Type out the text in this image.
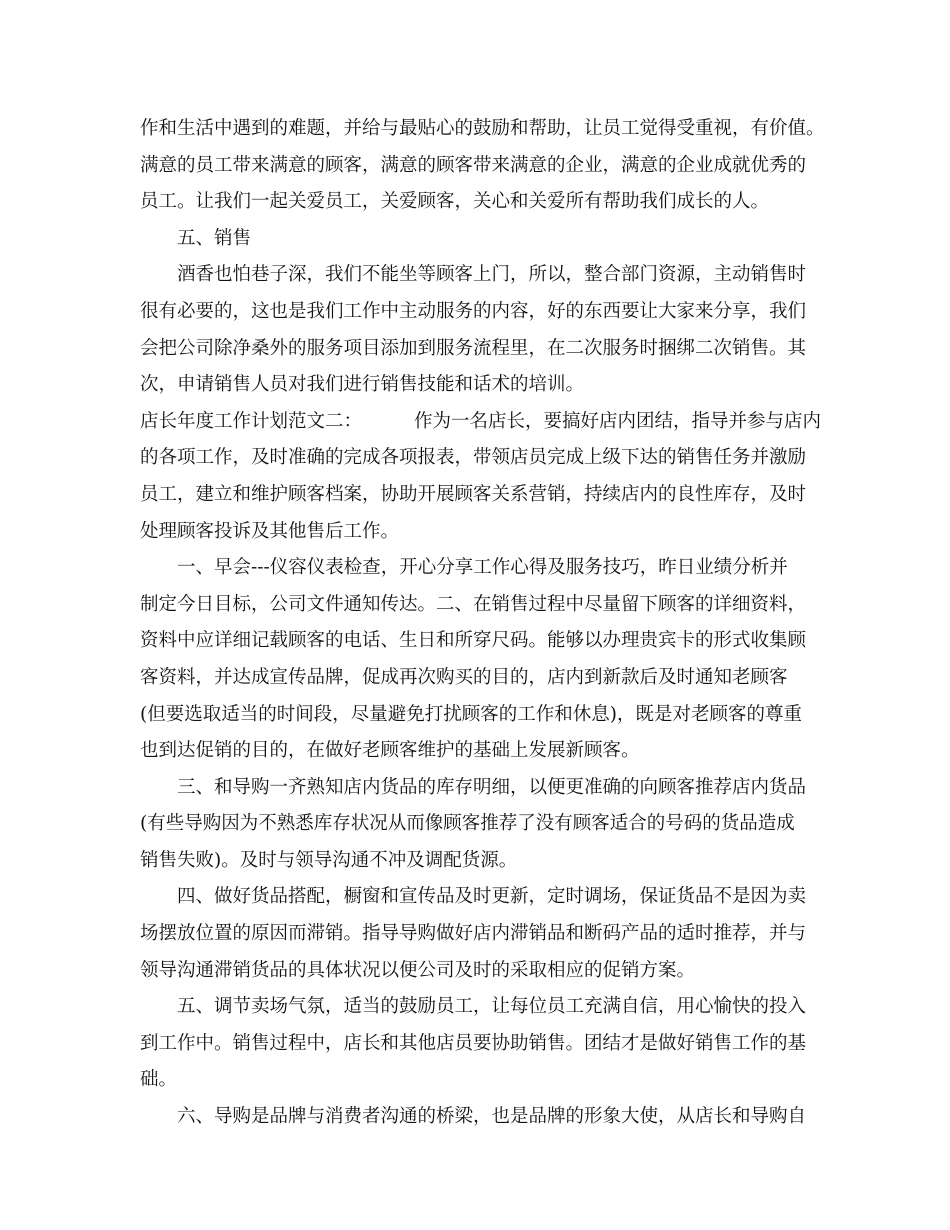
作和生活中遇到的难题，并给与最贴心的鼓励和帮助，让员工觉得受重视，有价值。
满意的员工带来满意的顾客，满意的顾客带来满意的企业，满意的企业成就优秀的
员工。让我们一起关爱员工，关爱顾客，关心和关爱所有帮助我们成长的人。
五、销售
酒香也怕巷子深，我们不能坐等顾客上门，所以，整合部门资源，主动销售时
很有必要的，这也是我们工作中主动服务的内容，好的东西要让大家来分享，我们
会把公司除净桑外的服务项目添加到服务流程里，在二次服务时捆绑二次销售。其
次，申请销售人员对我们进行销售技能和话术的培训。
店长年度工作计划范文二：	作为一名店长，要搞好店内团结，指导并参与店内
的各项工作，及时准确的完成各项报表，带领店员完成上级下达的销售任务并激励
员工，建立和维护顾客档案，协助开展顾客关系营销，持续店内的良性库存，及时
处理顾客投诉及其他售后工作。
一、早会---仪容仪表检查，开心分享工作心得及服务技巧，昨日业绩分析并
制定今日目标，公司文件通知传达。二、在销售过程中尽量留下顾客的详细资料，
资料中应详细记载顾客的电话、生日和所穿尺码。能够以办理贵宾卡的形式收集顾
客资料，并达成宣传品牌，促成再次购买的目的，店内到新款后及时通知老顾客
(但要选取适当的时间段，尽量避免打扰顾客的工作和休息)，既是对老顾客的尊重
也到达促销的目的，在做好老顾客维护的基础上发展新顾客。
三、和导购一齐熟知店内货品的库存明细，以便更准确的向顾客推荐店内货品
(有些导购因为不熟悉库存状况从而像顾客推荐了没有顾客适合的号码的货品造成
销售失败)。及时与领导沟通不冲及调配货源。
四、做好货品搭配，橱窗和宣传品及时更新，定时调场，保证货品不是因为卖
场摆放位置的原因而滞销。指导导购做好店内滞销品和断码产品的适时推荐，并与
领导沟通滞销货品的具体状况以便公司及时的采取相应的促销方案。
五、调节卖场气氛，适当的鼓励员工，让每位员工充满自信，用心愉快的投入
到工作中。销售过程中，店长和其他店员要协助销售。团结才是做好销售工作的基
础。
六、导购是品牌与消费者沟通的桥梁，也是品牌的形象大使，从店长和导购自
